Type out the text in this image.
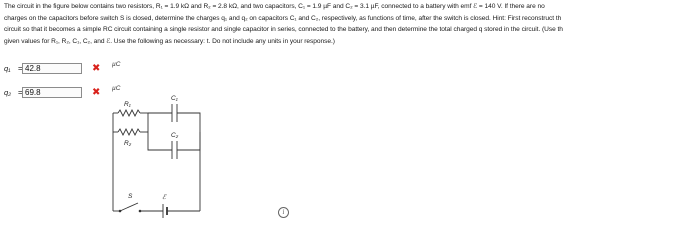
The circuit in the figure below contains two resistors, R₁ = 1.9 kΩ and R₂ = 2.8 kΩ, and two capacitors, C₁ = 1.9 µF and C₂ = 3.1 µF, connected to a battery with emf ℰ = 140 V. If there are no
charges on the capacitors before switch S is closed, determine the charges q₁ and q₂ on capacitors C₁ and C₂, respectively, as functions of time, after the switch is closed. Hint: First reconstruct th
circuit so that it becomes a simple RC circuit containing a single resistor and single capacitor in series, connected to the battery, and then determine the total charged q stored in the circuit. (Use th
given values for R₁, R₂, C₁, C₂, and ℰ. Use the following as necessary: t. Do not include any units in your response.)
q₁ = 42.8	✖ µC
q₂ = 69.8	✖ µC
R₁
R₂
C₁
C₂
S	ℰ
i
